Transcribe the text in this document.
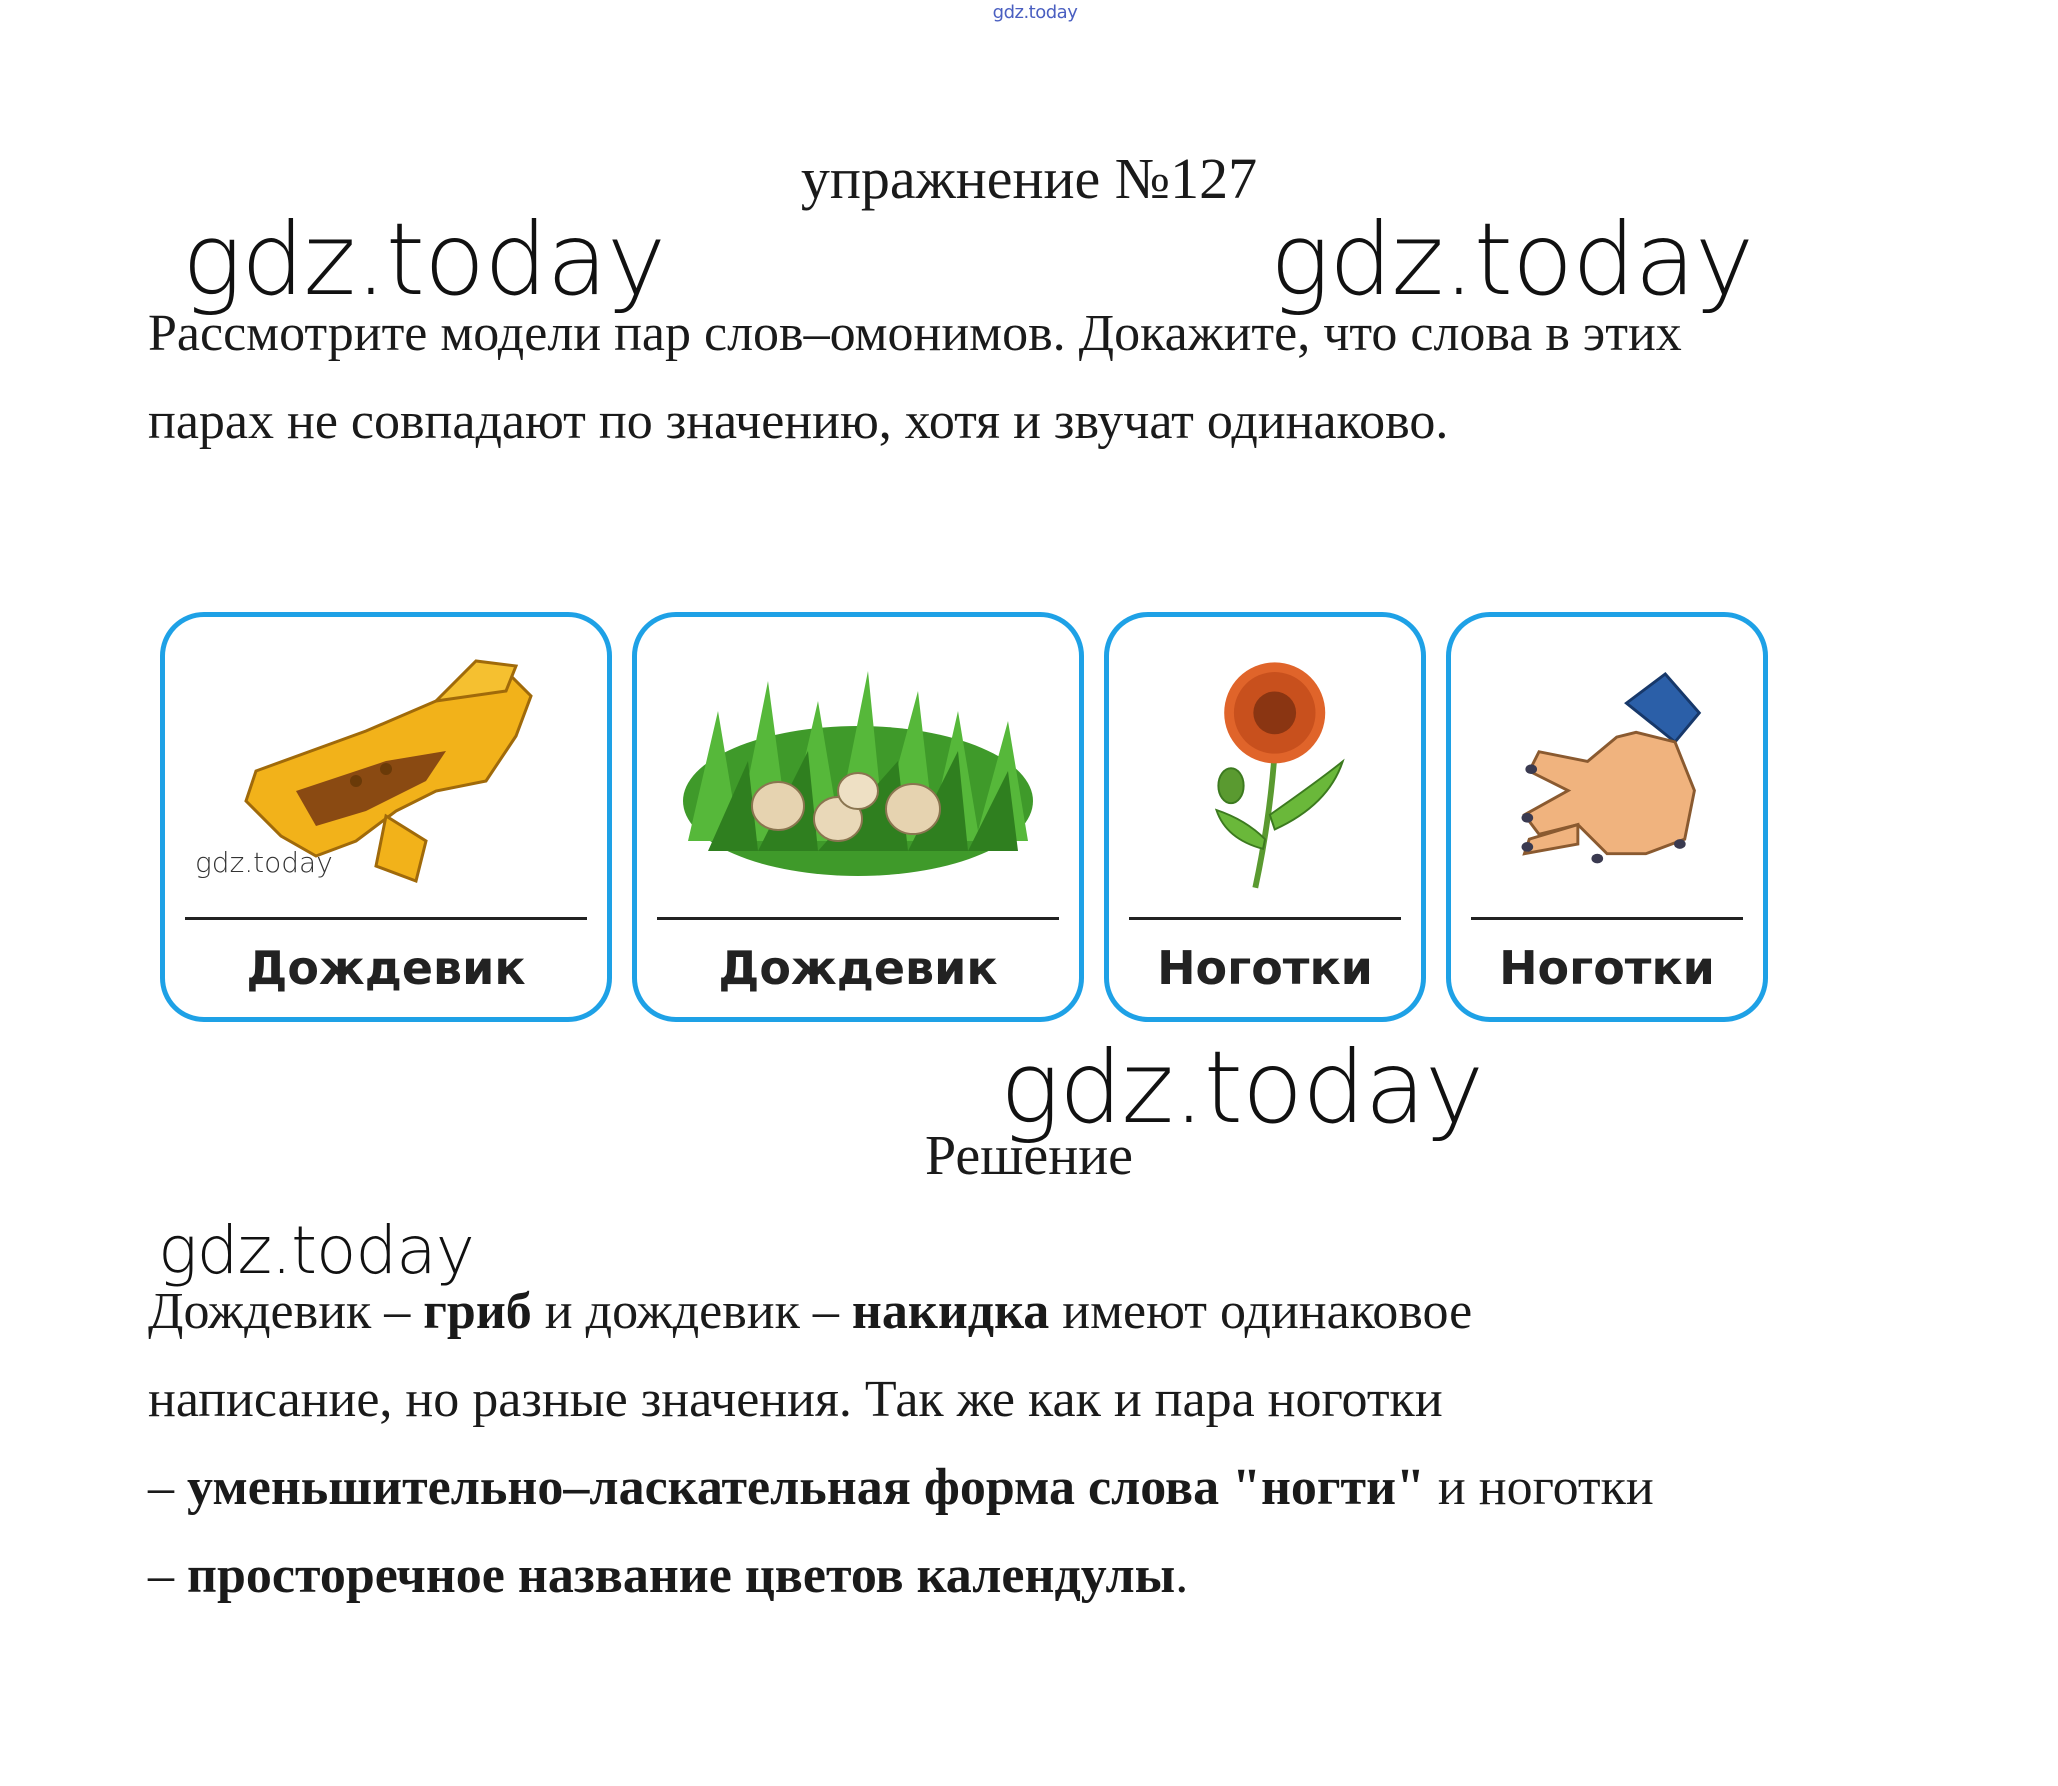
gdz.today
упражнение №127
Рассмотрите модели пар слов–омонимов. Докажите, что слова в этих
парах не совпадают по значению, хотя и звучат одинаково.
gdz.today
Дождевик	Дождевик	Ноготки	Ноготки
Решение
Дождевик – гриб и дождевик – накидка имеют одинаковое
написание, но разные значения. Так же как и пара ноготки
– уменьшительно–ласкательная форма слова "ногти" и ноготки
– просторечное название цветов календулы.
gdz.today	gdz.today
gdz.today
gdz.today
